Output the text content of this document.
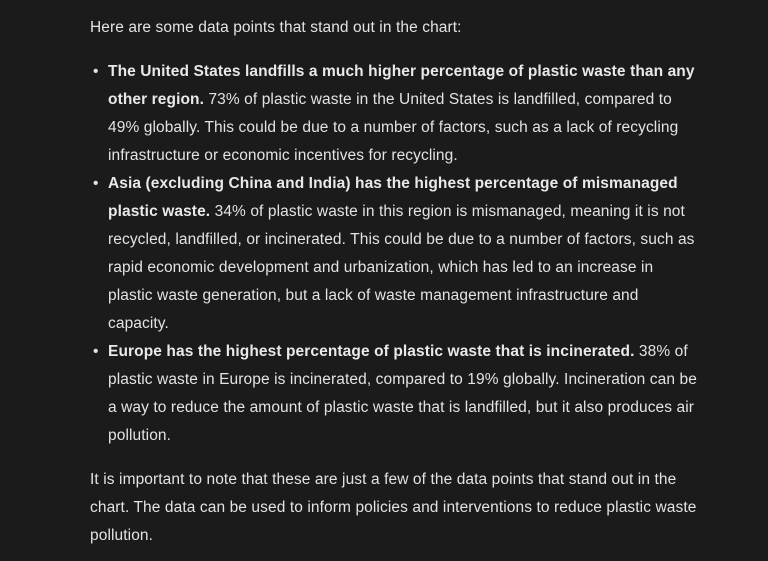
Here are some data points that stand out in the chart:

• The United States landfills a much higher percentage of plastic waste than any other region. 73% of plastic waste in the United States is landfilled, compared to 49% globally. This could be due to a number of factors, such as a lack of recycling infrastructure or economic incentives for recycling.
• Asia (excluding China and India) has the highest percentage of mismanaged plastic waste. 34% of plastic waste in this region is mismanaged, meaning it is not recycled, landfilled, or incinerated. This could be due to a number of factors, such as rapid economic development and urbanization, which has led to an increase in plastic waste generation, but a lack of waste management infrastructure and capacity.
• Europe has the highest percentage of plastic waste that is incinerated. 38% of plastic waste in Europe is incinerated, compared to 19% globally. Incineration can be a way to reduce the amount of plastic waste that is landfilled, but it also produces air pollution.

It is important to note that these are just a few of the data points that stand out in the chart. The data can be used to inform policies and interventions to reduce plastic waste pollution.
